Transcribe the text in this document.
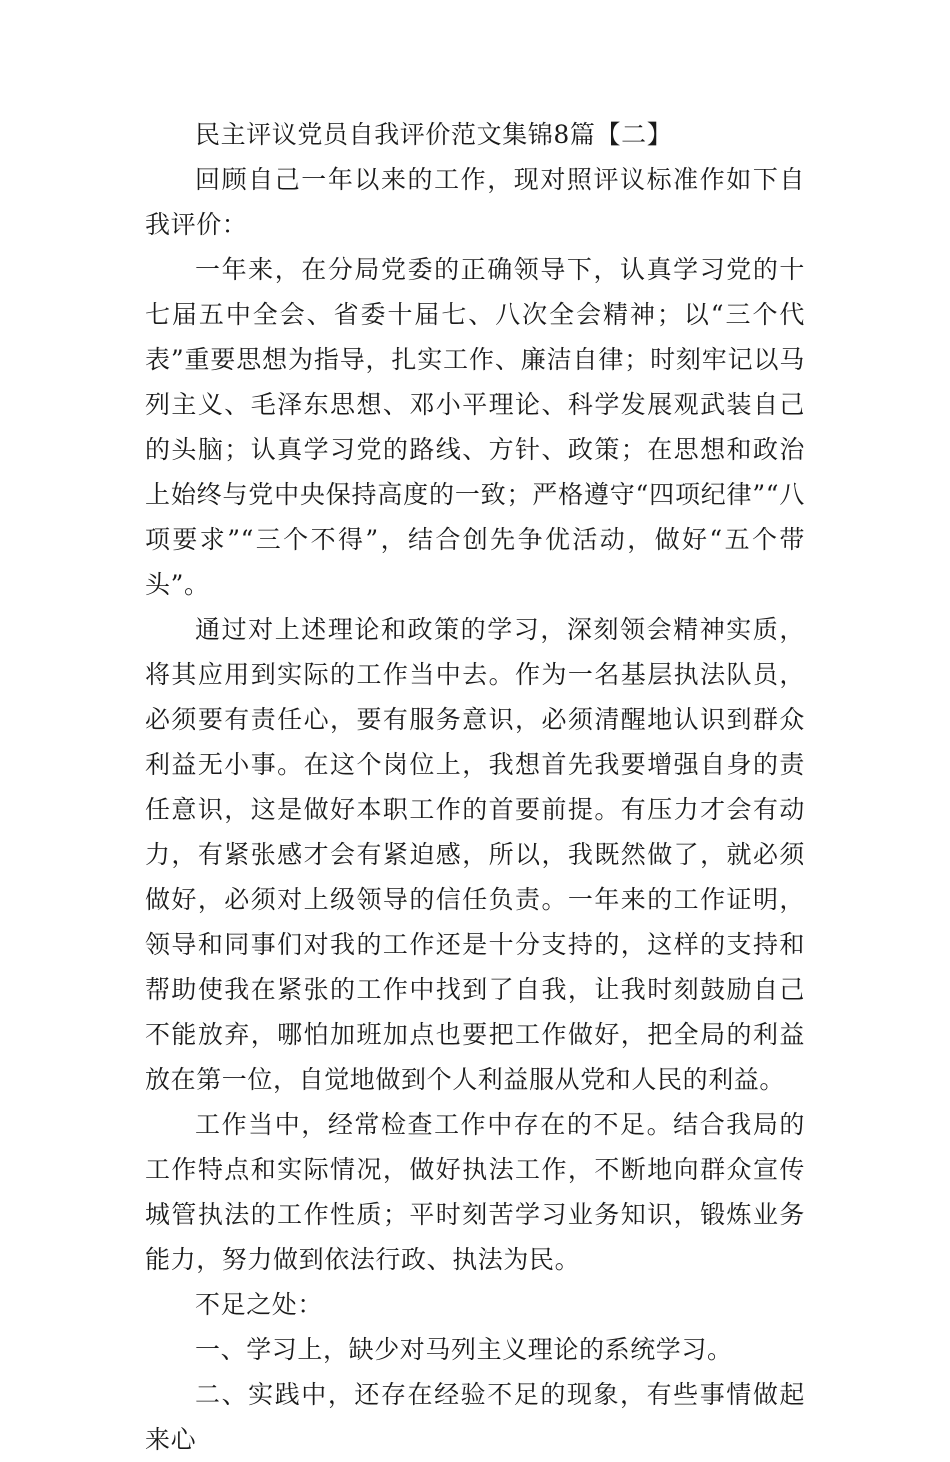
民主评议党员自我评价范文集锦8篇【二】

回顾自己一年以来的工作，现对照评议标准作如下自我评价：

一年来，在分局党委的正确领导下，认真学习党的十七届五中全会、省委十届七、八次全会精神；以“三个代表”重要思想为指导，扎实工作、廉洁自律；时刻牢记以马列主义、毛泽东思想、邓小平理论、科学发展观武装自己的头脑；认真学习党的路线、方针、政策；在思想和政治上始终与党中央保持高度的一致；严格遵守“四项纪律”“八项要求”“三个不得”，结合创先争优活动，做好“五个带头”。

通过对上述理论和政策的学习，深刻领会精神实质，将其应用到实际的工作当中去。作为一名基层执法队员，必须要有责任心，要有服务意识，必须清醒地认识到群众利益无小事。在这个岗位上，我想首先我要增强自身的责任意识，这是做好本职工作的首要前提。有压力才会有动力，有紧张感才会有紧迫感，所以，我既然做了，就必须做好，必须对上级领导的信任负责。一年来的工作证明，领导和同事们对我的工作还是十分支持的，这样的支持和帮助使我在紧张的工作中找到了自我，让我时刻鼓励自己不能放弃，哪怕加班加点也要把工作做好，把全局的利益放在第一位，自觉地做到个人利益服从党和人民的利益。

工作当中，经常检查工作中存在的不足。结合我局的工作特点和实际情况，做好执法工作，不断地向群众宣传城管执法的工作性质；平时刻苦学习业务知识，锻炼业务能力，努力做到依法行政、执法为民。

不足之处：

一、学习上，缺少对马列主义理论的系统学习。

二、实践中，还存在经验不足的现象，有些事情做起来心
